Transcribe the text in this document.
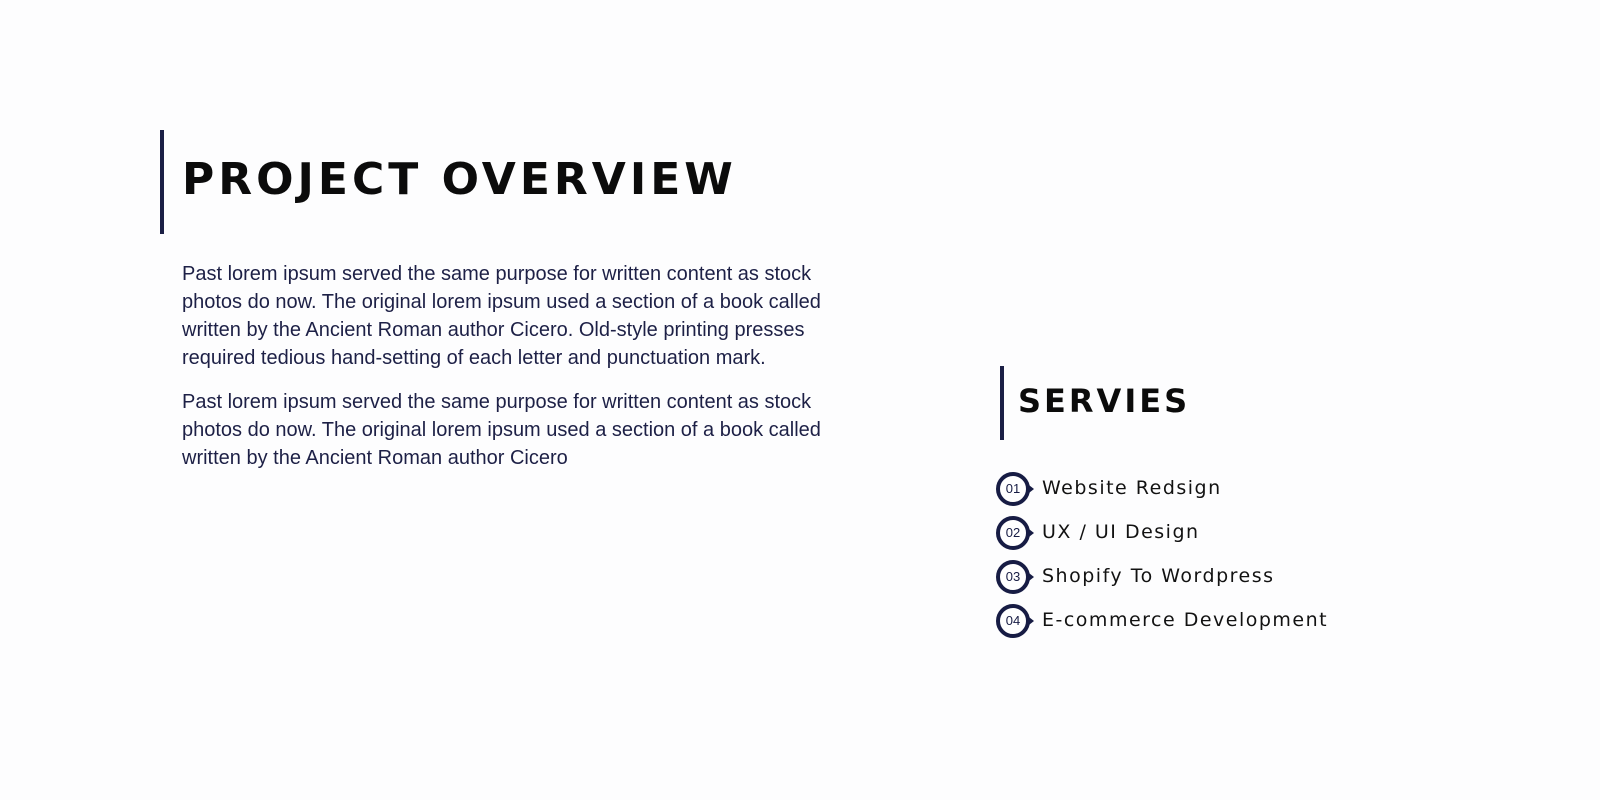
PROJECT OVERVIEW

Past lorem ipsum served the same purpose for written content as stock photos do now. The original lorem ipsum used a section of a book called written by the Ancient Roman author Cicero. Old-style printing presses required tedious hand-setting of each letter and punctuation mark.

Past lorem ipsum served the same purpose for written content as stock photos do now. The original lorem ipsum used a section of a book called written by the Ancient Roman author Cicero

SERVIES
01	Website Redsign
02	UX / UI Design
03	Shopify To Wordpress
04	E-commerce Development
